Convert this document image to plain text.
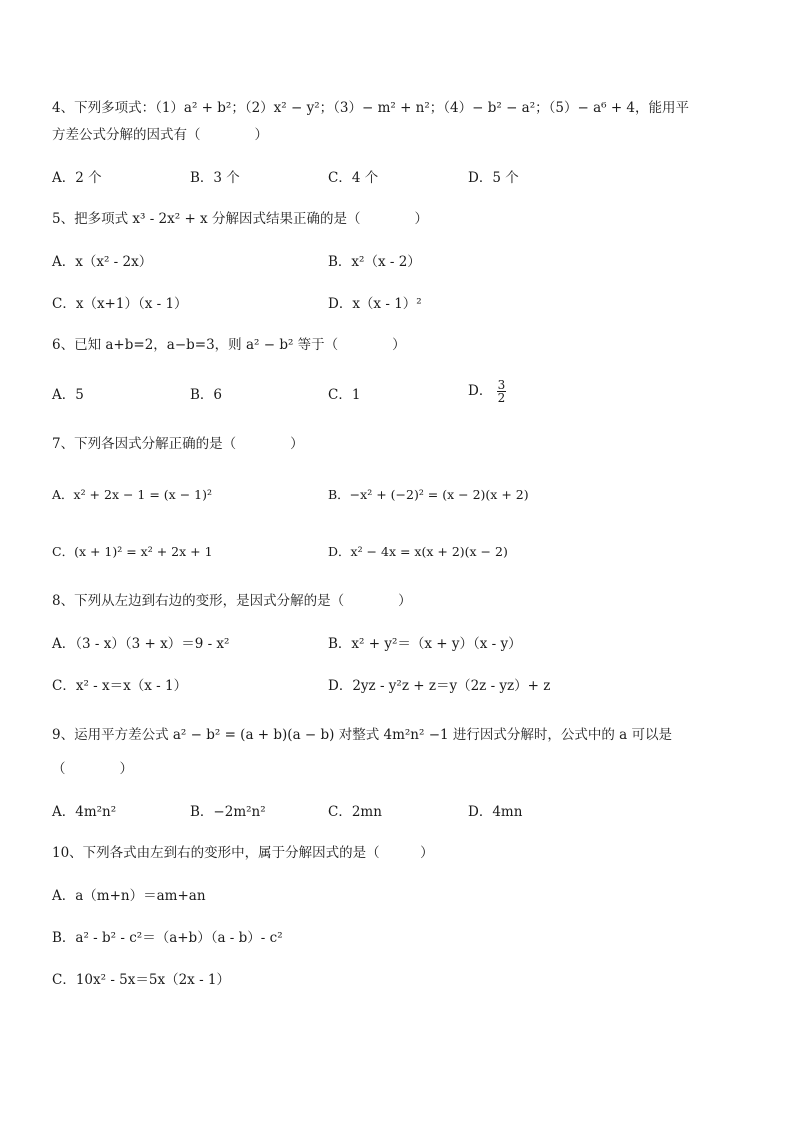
4、下列多项式：（1）a² + b²；（2）x² − y²；（3）− m² + n²；（4）− b² − a²；（5）− a⁶ + 4，能用平
方差公式分解的因式有（　　　　）
A．2 个	B．3 个	C．4 个	D．5 个
5、把多项式 x³ - 2x² + x 分解因式结果正确的是（　　　　）
A．x（x² - 2x）	B．x²（x - 2）
C．x（x+1）（x - 1）	D．x（x - 1）²
6、已知 a+b=2，a−b=3，则 a² − b² 等于（　　　　）
A．5	B．6	C．1	D． $\frac{3}{2}$
7、下列各因式分解正确的是（　　　　）
A．x² + 2x − 1 = (x − 1)²	B．−x² + (−2)² = (x − 2)(x + 2)
C．(x + 1)² = x² + 2x + 1	D．x² − 4x = x(x + 2)(x − 2)
8、下列从左边到右边的变形，是因式分解的是（　　　　）
A．（3 - x）（3 + x）＝9 - x²	B．x² + y²＝（x + y）（x - y）
C．x² - x＝x（x - 1）	D．2yz - y²z + z＝y（2z - yz）+ z
9、运用平方差公式 a² − b² = (a + b)(a − b) 对整式 4m²n² −1 进行因式分解时，公式中的 a 可以是
（　　　　）
A．4m²n²	B．−2m²n²	C．2mn	D．4mn
10、下列各式由左到右的变形中，属于分解因式的是（　　　）
A．a（m+n）＝am+an
B．a² - b² - c²＝（a+b）（a - b）- c²
C．10x² - 5x＝5x（2x - 1）
